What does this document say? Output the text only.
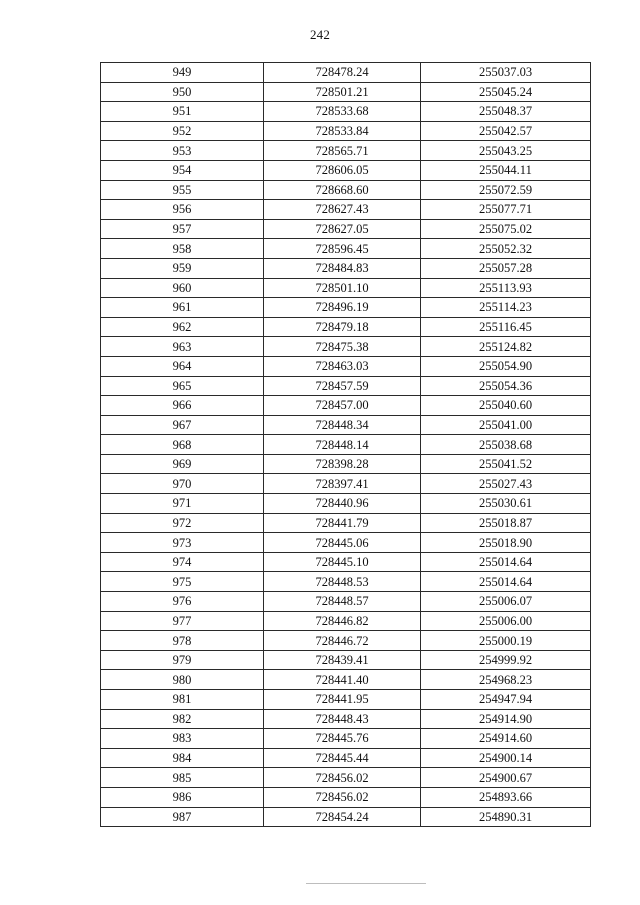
242
949	728478.24	255037.03
950	728501.21	255045.24
951	728533.68	255048.37
952	728533.84	255042.57
953	728565.71	255043.25
954	728606.05	255044.11
955	728668.60	255072.59
956	728627.43	255077.71
957	728627.05	255075.02
958	728596.45	255052.32
959	728484.83	255057.28
960	728501.10	255113.93
961	728496.19	255114.23
962	728479.18	255116.45
963	728475.38	255124.82
964	728463.03	255054.90
965	728457.59	255054.36
966	728457.00	255040.60
967	728448.34	255041.00
968	728448.14	255038.68
969	728398.28	255041.52
970	728397.41	255027.43
971	728440.96	255030.61
972	728441.79	255018.87
973	728445.06	255018.90
974	728445.10	255014.64
975	728448.53	255014.64
976	728448.57	255006.07
977	728446.82	255006.00
978	728446.72	255000.19
979	728439.41	254999.92
980	728441.40	254968.23
981	728441.95	254947.94
982	728448.43	254914.90
983	728445.76	254914.60
984	728445.44	254900.14
985	728456.02	254900.67
986	728456.02	254893.66
987	728454.24	254890.31
